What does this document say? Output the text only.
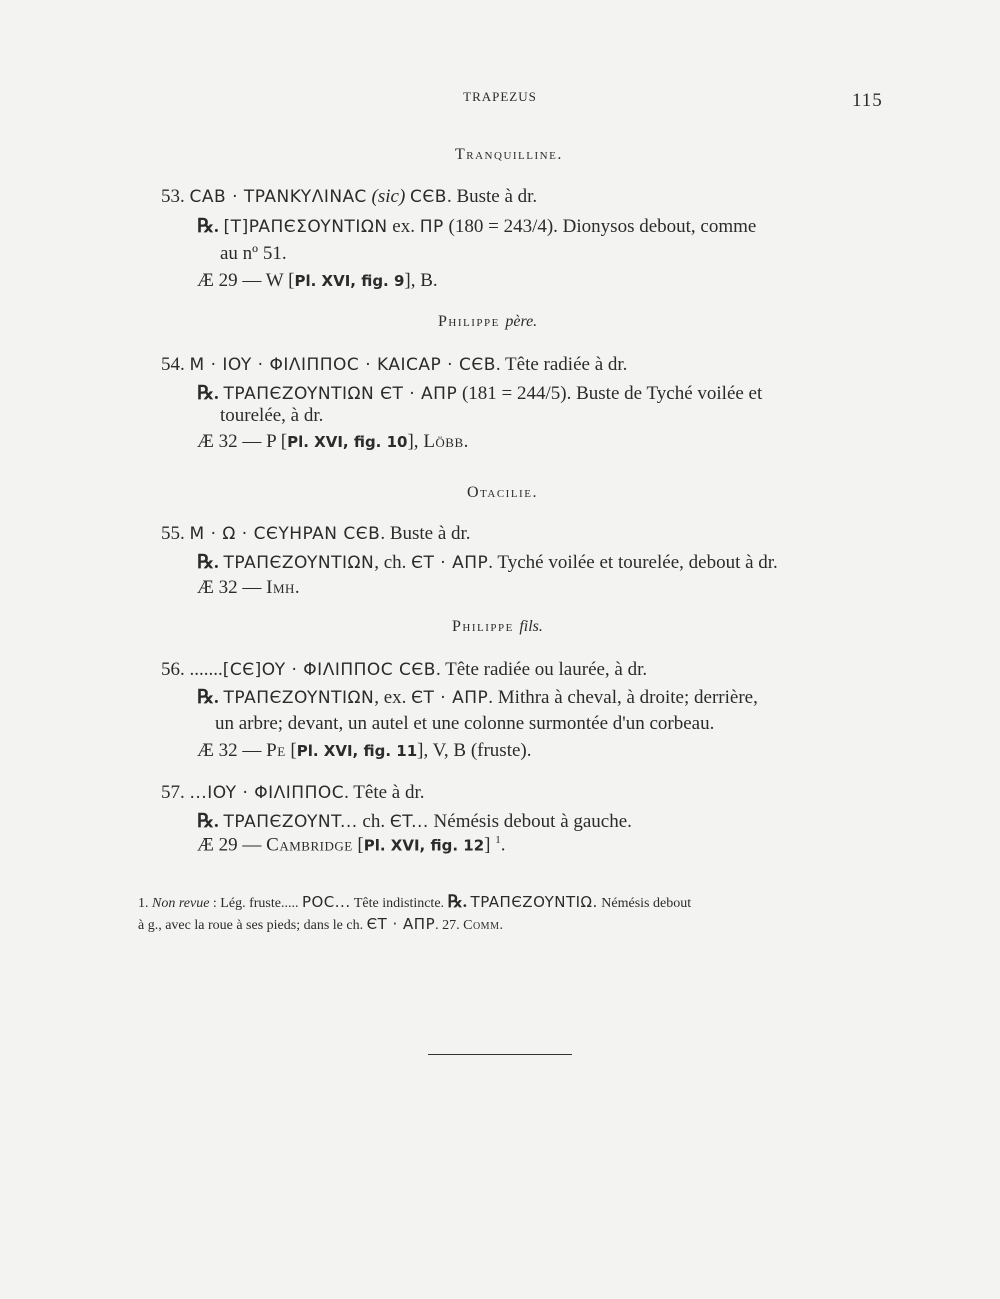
TRAPEZUS	115
Tranquilline.
53. CAB · TPANKYΛINAC (sic) CЄB. Buste à dr.
℞. [T]PAΠЄΣOYNTIΩN ex. ΠP (180 = 243/4). Dionysos debout, comme
au nº 51.
Æ 29 — W [Pl. XVI, fig. 9], B.
Philippe père.
54. M · IOY · ΦIΛIΠΠOC · KAICAP · CЄB. Tête radiée à dr.
℞. TPAΠЄZOYNTIΩN ЄT · AΠP (181 = 244/5). Buste de Tyché voilée et
tourelée, à dr.
Æ 32 — P [Pl. XVI, fig. 10], Löbb.
Otacilie.
55. M · Ω · CЄYHPAN CЄB. Buste à dr.
℞. TPAΠЄZOYNTIΩN, ch. ЄT · AΠP. Tyché voilée et tourelée, debout à dr.
Æ 32 — Imh.
Philippe fils.
56. .......[CЄ]OY · ΦIΛIΠΠOC CЄB. Tête radiée ou laurée, à dr.
℞. TPAΠЄZOYNTIΩN, ex. ЄT · AΠP. Mithra à cheval, à droite; derrière,
un arbre; devant, un autel et une colonne surmontée d'un corbeau.
Æ 32 — Pe [Pl. XVI, fig. 11], V, B (fruste).
57. ...IOY · ΦIΛIΠΠOC. Tête à dr.
℞. TPAΠЄZOYNT... ch. ЄT... Némésis debout à gauche.
Æ 29 — Cambridge [Pl. XVI, fig. 12] $^1$.
1. Non revue : Lég. fruste..... POC... Tête indistincte. ℞. TPAΠЄZOYNTIΩ. Némésis debout
à g., avec la roue à ses pieds; dans le ch. ЄT · AΠP. 27. Comm.
